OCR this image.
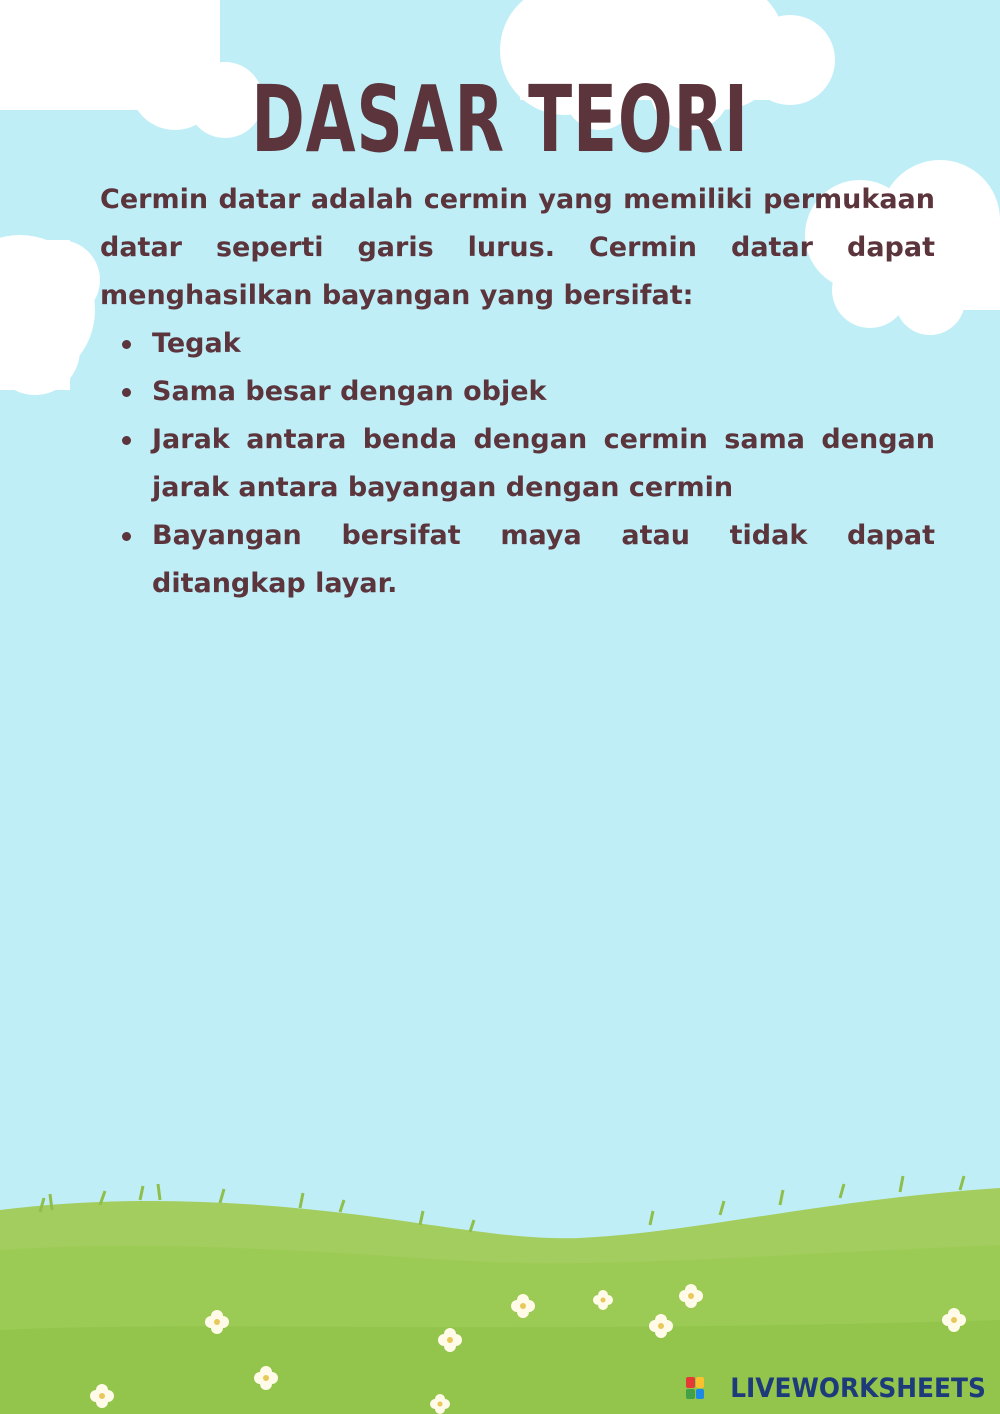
DASAR TEORI

Cermin datar adalah cermin yang memiliki permukaan datar seperti garis lurus. Cermin datar dapat menghasilkan bayangan yang bersifat:

Tegak
Sama besar dengan objek
Jarak antara benda dengan cermin sama dengan jarak antara bayangan dengan cermin
Bayangan bersifat maya atau tidak dapat ditangkap layar.
LIVEWORKSHEETS
